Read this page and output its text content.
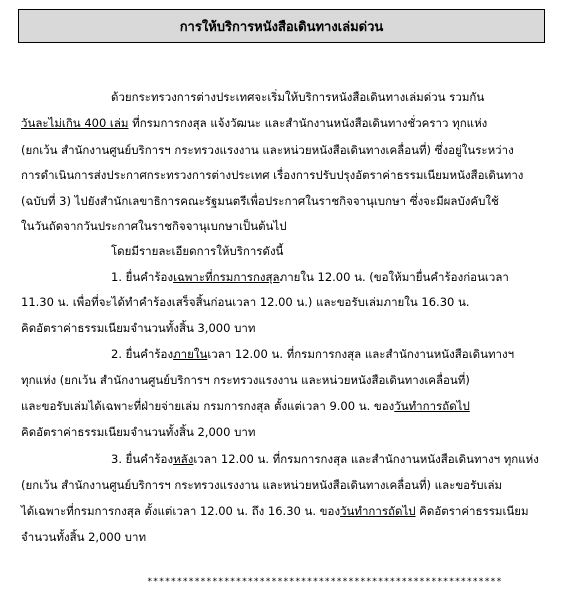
การให้บริการหนังสือเดินทางเล่มด่วน
ด้วยกระทรวงการต่างประเทศจะเริ่มให้บริการหนังสือเดินทางเล่มด่วน รวมกัน
วันละไม่เกิน 400 เล่ม ที่กรมการกงสุล แจ้งวัฒนะ และสำนักงานหนังสือเดินทางชั่วคราว ทุกแห่ง
(ยกเว้น สำนักงานศูนย์บริการฯ กระทรวงแรงงาน และหน่วยหนังสือเดินทางเคลื่อนที่) ซึ่งอยู่ในระหว่าง
การดำเนินการส่งประกาศกระทรวงการต่างประเทศ เรื่องการปรับปรุงอัตราค่าธรรมเนียมหนังสือเดินทาง
(ฉบับที่ 3) ไปยังสำนักเลขาธิการคณะรัฐมนตรีเพื่อประกาศในราชกิจจานุเบกษา ซึ่งจะมีผลบังคับใช้
ในวันถัดจากวันประกาศในราชกิจจานุเบกษาเป็นต้นไป
โดยมีรายละเอียดการให้บริการดังนี้
1. ยื่นคำร้องเฉพาะที่กรมการกงสุลภายใน 12.00 น. (ขอให้มายื่นคำร้องก่อนเวลา
11.30 น. เพื่อที่จะได้ทำคำร้องเสร็จสิ้นก่อนเวลา 12.00 น.) และขอรับเล่มภายใน 16.30 น.
คิดอัตราค่าธรรมเนียมจำนวนทั้งสิ้น 3,000 บาท
2. ยื่นคำร้องภายในเวลา 12.00 น. ที่กรมการกงสุล และสำนักงานหนังสือเดินทางฯ
ทุกแห่ง (ยกเว้น สำนักงานศูนย์บริการฯ กระทรวงแรงงาน และหน่วยหนังสือเดินทางเคลื่อนที่)
และขอรับเล่มได้เฉพาะที่ฝ่ายจ่ายเล่ม กรมการกงสุล ตั้งแต่เวลา 9.00 น. ของวันทำการถัดไป
คิดอัตราค่าธรรมเนียมจำนวนทั้งสิ้น 2,000 บาท
3. ยื่นคำร้องหลังเวลา 12.00 น. ที่กรมการกงสุล และสำนักงานหนังสือเดินทางฯ ทุกแห่ง
(ยกเว้น สำนักงานศูนย์บริการฯ กระทรวงแรงงาน และหน่วยหนังสือเดินทางเคลื่อนที่) และขอรับเล่ม
ได้เฉพาะที่กรมการกงสุล ตั้งแต่เวลา 12.00 น. ถึง 16.30 น. ของวันทำการถัดไป คิดอัตราค่าธรรมเนียม
จำนวนทั้งสิ้น 2,000 บาท
************************************************************
